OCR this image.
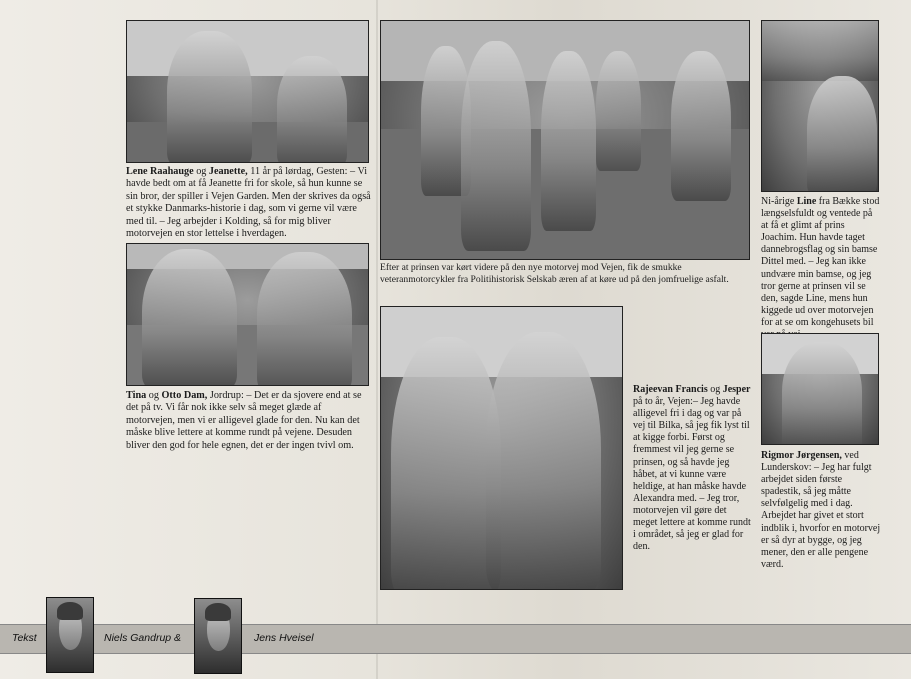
Lene Raahauge og Jeanette, 11 år på lørdag, Gesten: – Vi havde bedt om at få Jeanette fri for skole, så hun kunne se sin bror, der spiller i Vejen Garden. Men der skrives da også et stykke Danmarks-historie i dag, som vi gerne vil være med til. – Jeg arbejder i Kolding, så for mig bliver motorvejen en stor lettelse i hverdagen.
Tina og Otto Dam, Jordrup: – Det er da sjovere end at se det på tv. Vi får nok ikke selv så meget glæde af motorvejen, men vi er alligevel glade for den. Nu kan det måske blive lettere at komme rundt på vejene. Desuden bliver den god for hele egnen, det er der ingen tvivl om.
Efter at prinsen var kørt videre på den nye motorvej mod Vejen, fik de smukke veteranmotorcykler fra Politihistorisk Selskab æren af at køre ud på den jomfruelige asfalt.
Rajeevan Francis og Jesper på to år, Vejen:– Jeg havde alligevel fri i dag og var på vej til Bilka, så jeg fik lyst til at kigge forbi. Først og fremmest vil jeg gerne se prinsen, og så havde jeg håbet, at vi kunne være heldige, at han måske havde Alexandra med. – Jeg tror, motorvejen vil gøre det meget lettere at komme rundt i området, så jeg er glad for den.
Ni-årige Line fra Bække stod længselsfuldt og ventede på at få et glimt af prins Joachim. Hun havde taget dannebrogsflag og sin bamse Dittel med. – Jeg kan ikke undvære min bamse, og jeg tror gerne at prinsen vil se den, sagde Line, mens hun kiggede ud over motorvejen for at se om kongehusets bil
Rigmor Jørgensen, ved Lunderskov: – Jeg har fulgt arbejdet siden første spadestik, så jeg måtte selvfølgelig med i dag. Arbejdet har givet et stort indblik i, hvorfor en motorvej er så dyr at bygge, og jeg mener, den er alle pengene værd.
Tekst	Niels Gandrup &	Jens Hveisel
